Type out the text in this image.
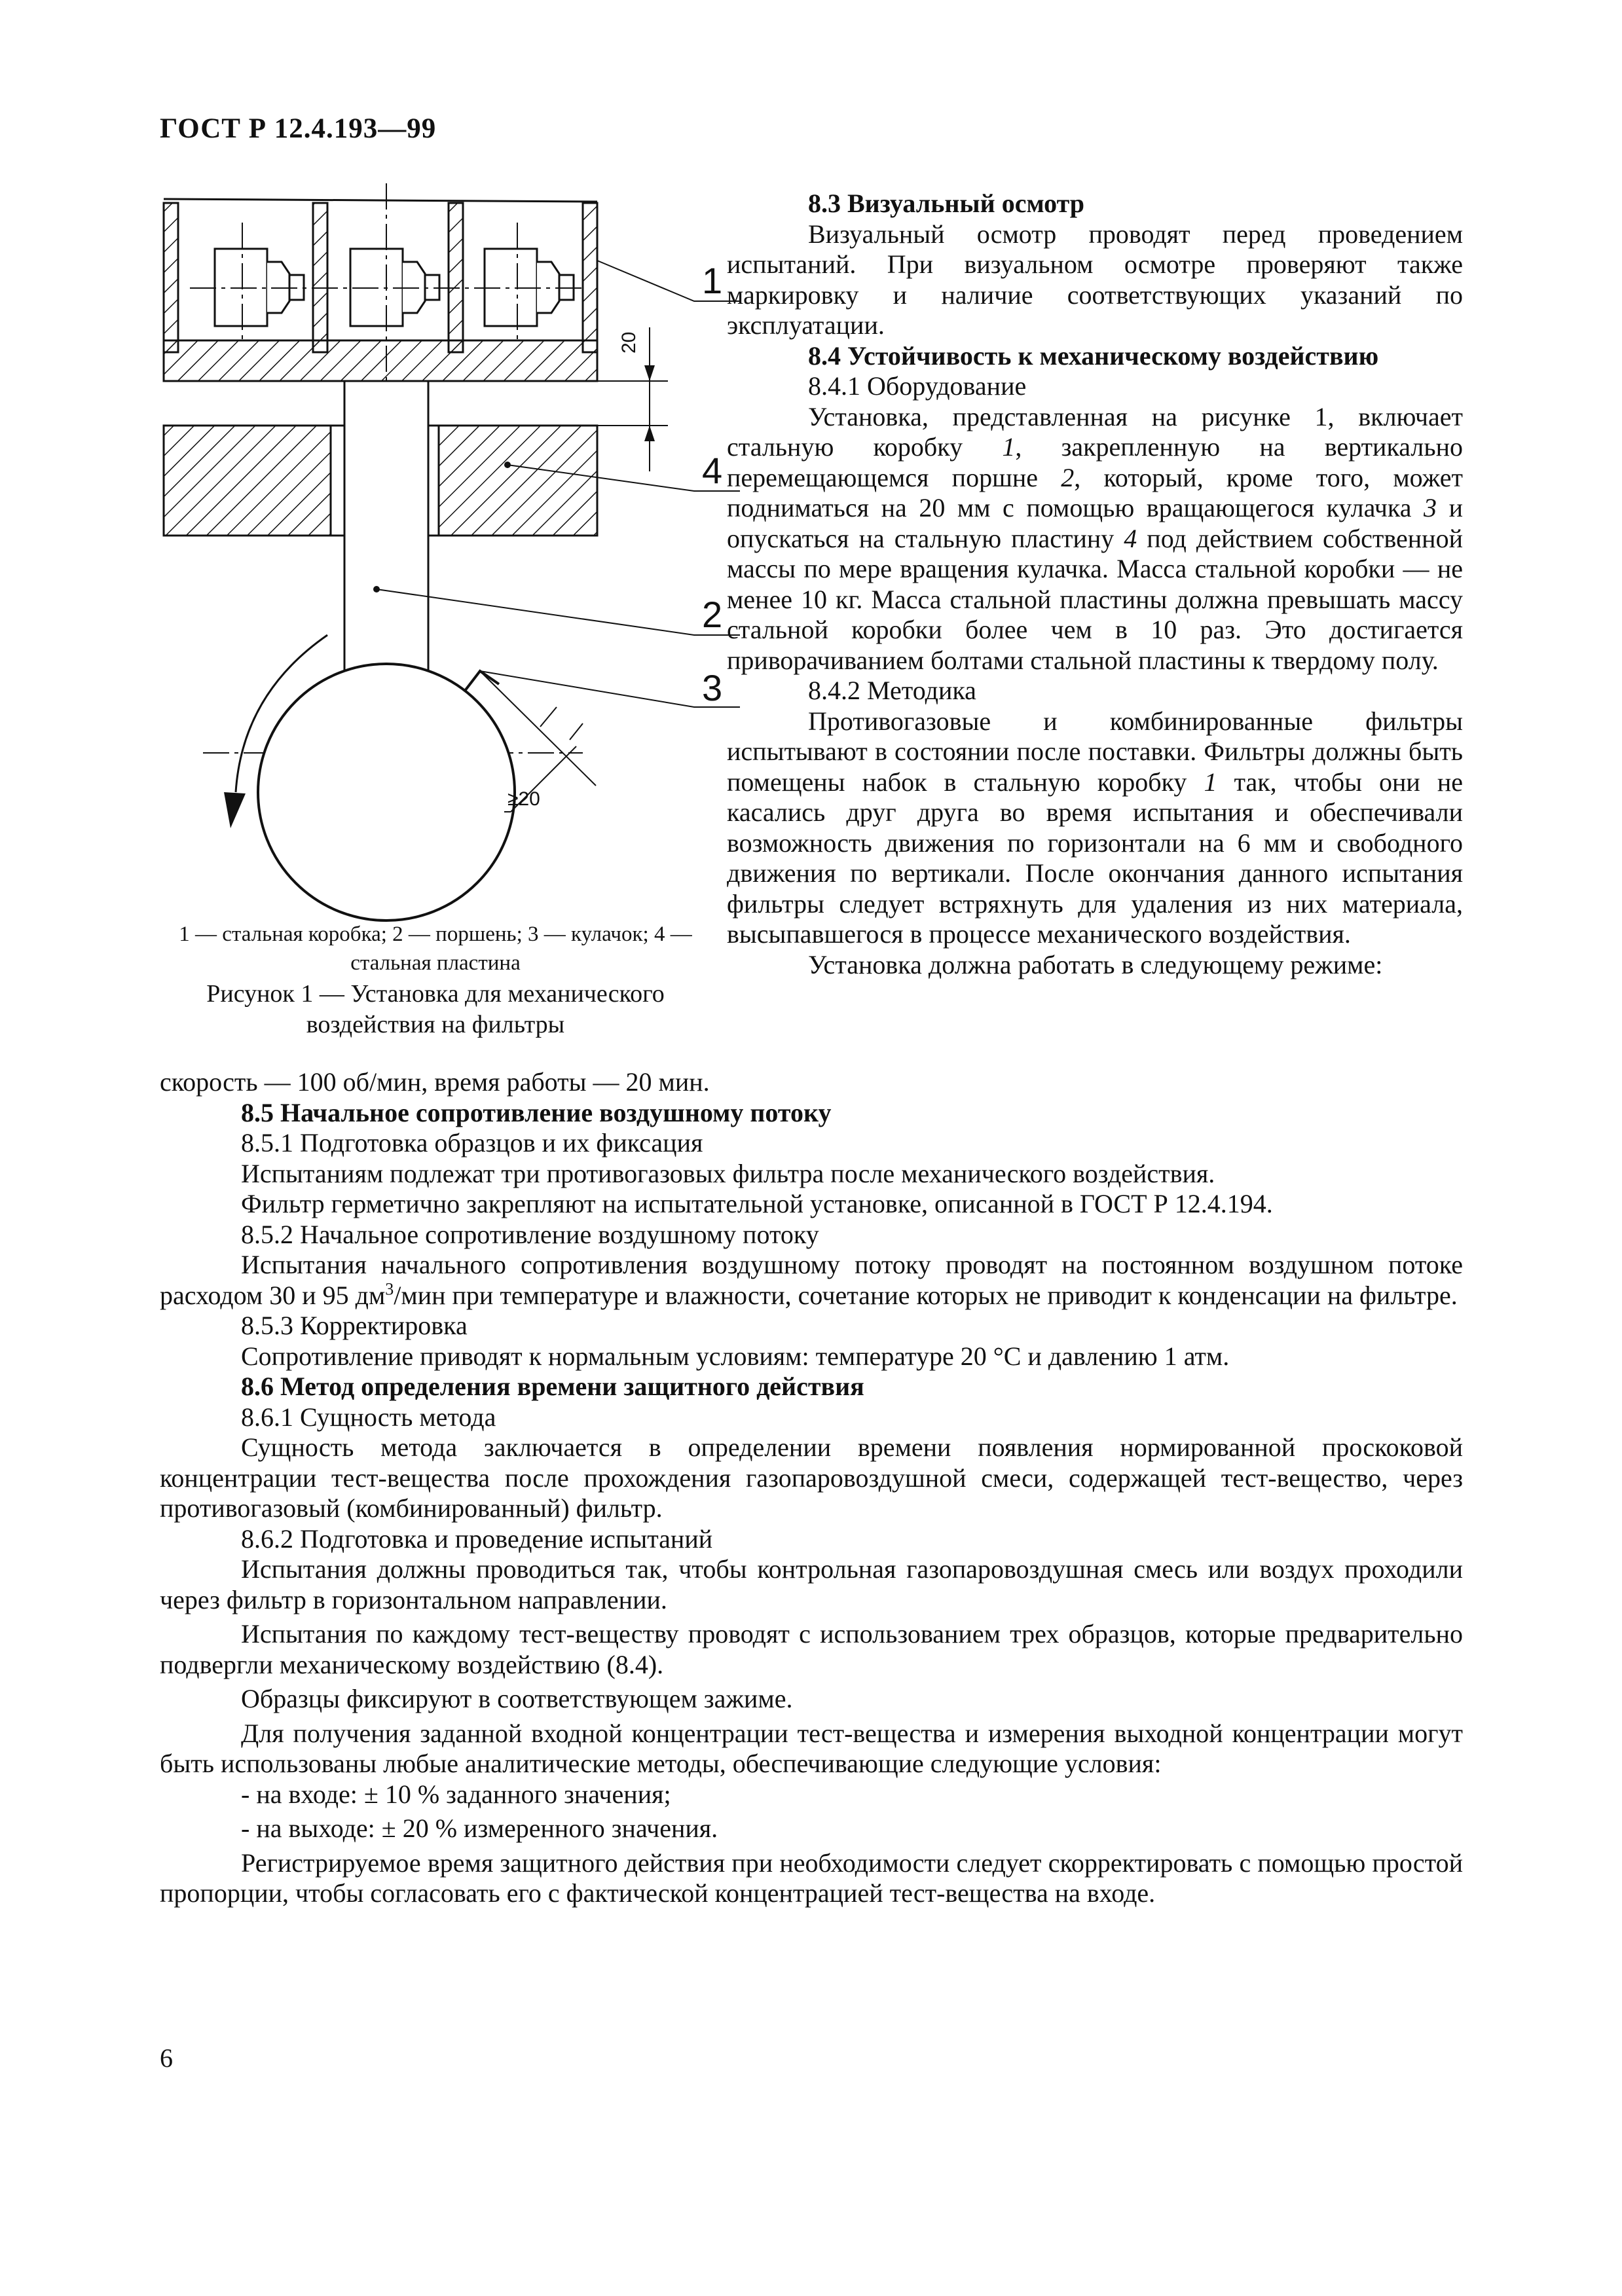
ГОСТ Р 12.4.193—99
1
4
2
3
20
≥20
1 — стальная коробка; 2 — поршень; 3 — кулачок; 4 — стальная пластина
Рисунок 1 — Установка для механического воздействия на фильтры

8.3 Визуальный осмотр

Визуальный осмотр проводят перед проведением испытаний. При визуальном осмотре проверяют также маркировку и наличие соответствующих указаний по эксплуатации.

8.4 Устойчивость к механическому воздействию

8.4.1 Оборудование

Установка, представленная на рисунке 1, включает стальную коробку 1, закрепленную на вертикально перемещающемся поршне 2, который, кроме того, может подниматься на 20 мм с помощью вращающегося кулачка 3 и опускаться на стальную пластину 4 под действием собственной массы по мере вращения кулачка. Масса стальной коробки — не менее 10 кг. Масса стальной пластины должна превышать массу стальной коробки более чем в 10 раз. Это достигается приворачиванием болтами стальной пластины к твердому полу.

8.4.2 Методика

Противогазовые и комбинированные фильтры испытывают в состоянии после поставки. Фильтры должны быть помещены набок в стальную коробку 1 так, чтобы они не касались друг друга во время испытания и обеспечивали возможность движения по горизонтали на 6 мм и свободного движения по вертикали. После окончания данного испытания фильтры следует встряхнуть для удаления из них материала, высыпавшегося в процессе механического воздействия.

Установка должна работать в следующему режиме:

скорость — 100 об/мин, время работы — 20 мин.

8.5 Начальное сопротивление воздушному потоку

8.5.1 Подготовка образцов и их фиксация

Испытаниям подлежат три противогазовых фильтра после механического воздействия.

Фильтр герметично закрепляют на испытательной установке, описанной в ГОСТ Р 12.4.194.

8.5.2 Начальное сопротивление воздушному потоку

Испытания начального сопротивления воздушному потоку проводят на постоянном воздушном потоке расходом 30 и 95 $дм^3$/мин при температуре и влажности, сочетание которых не приводит к конденсации на фильтре.

8.5.3 Корректировка

Сопротивление приводят к нормальным условиям: температуре 20 °C и давлению 1 атм.

8.6 Метод определения времени защитного действия

8.6.1 Сущность метода

Сущность метода заключается в определении времени появления нормированной проскоковой концентрации тест-вещества после прохождения газопаровоздушной смеси, содержащей тест-вещество, через противогазовый (комбинированный) фильтр.

8.6.2 Подготовка и проведение испытаний

Испытания должны проводиться так, чтобы контрольная газопаровоздушная смесь или воздух проходили через фильтр в горизонтальном направлении.

Испытания по каждому тест-веществу проводят с использованием трех образцов, которые предварительно подвергли механическому воздействию (8.4).

Образцы фиксируют в соответствующем зажиме.

Для получения заданной входной концентрации тест-вещества и измерения выходной концентрации могут быть использованы любые аналитические методы, обеспечивающие следующие условия:

- на входе: ± 10 % заданного значения;

- на выходе: ± 20 % измеренного значения.

Регистрируемое время защитного действия при необходимости следует скорректировать с помощью простой пропорции, чтобы согласовать его с фактической концентрацией тест-вещества на входе.

6
